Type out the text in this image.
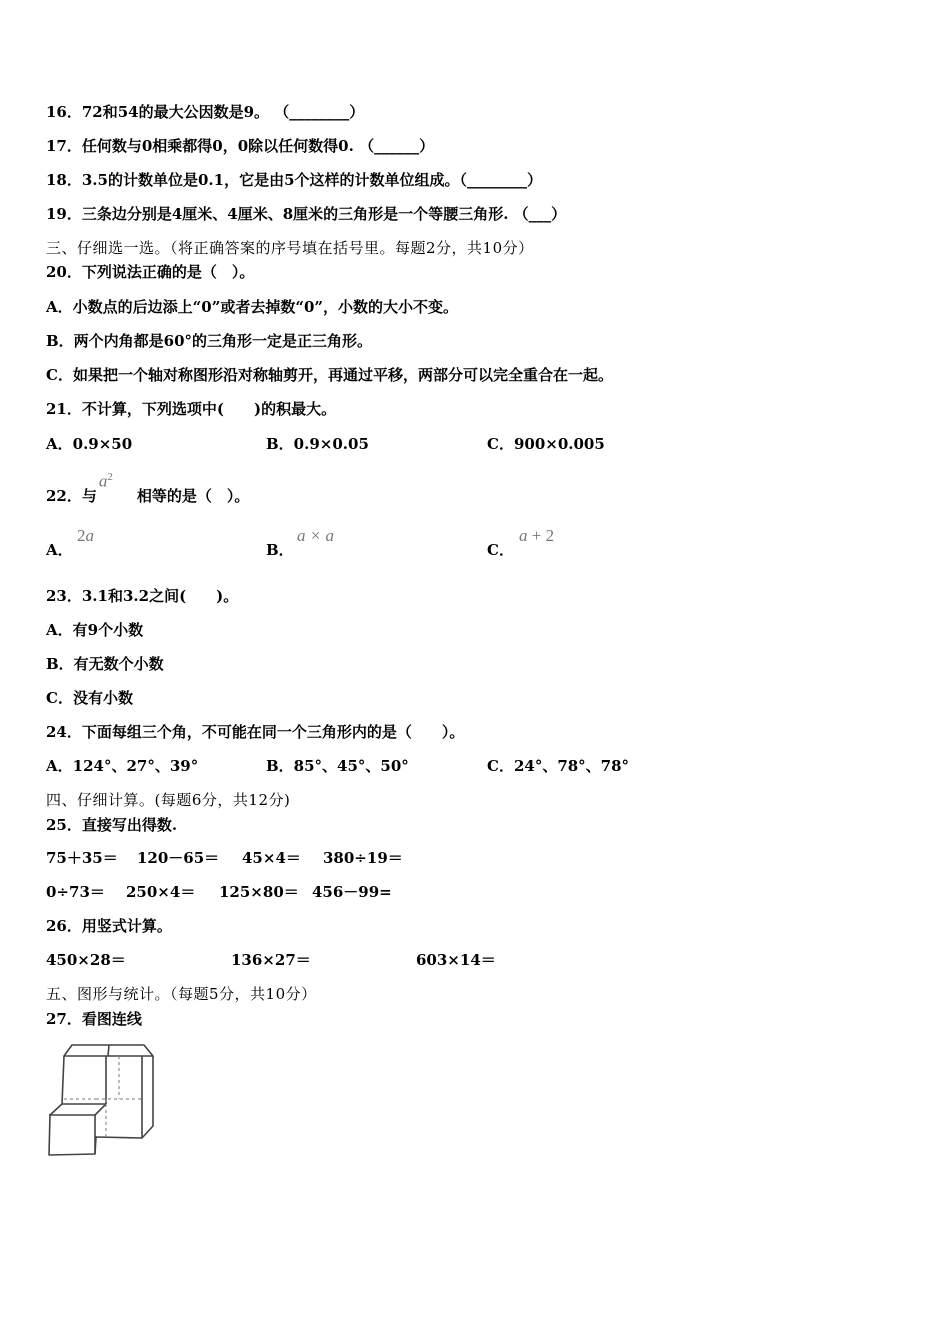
16．72和54的最大公因数是9。 （________）
17．任何数与0相乘都得0，0除以任何数得0. （______）
18．3.5的计数单位是0.1，它是由5个这样的计数单位组成。（________）
19．三条边分别是4厘米、4厘米、8厘米的三角形是一个等腰三角形. （___）
三、仔细选一选。（将正确答案的序号填在括号里。每题2分，共10分）
20．下列说法正确的是（　）。
A．小数点的后边添上“0”或者去掉数“0”，小数的大小不变。
B．两个内角都是60°的三角形一定是正三角形。
C．如果把一个轴对称图形沿对称轴剪开，再通过平移，两部分可以完全重合在一起。
21．不计算，下列选项中(　　)的积最大。
A．0.9×50	B．0.9×0.05	C．900×0.005
22．与
$a^2$
相等的是（　）。
A．
2a
B．
a × a
C．
a + 2
23．3.1和3.2之间(　　)。
A．有9个小数
B．有无数个小数
C．没有小数
24．下面每组三个角，不可能在同一个三角形内的是（　　）。
A．124°、27°、39°	B．85°、45°、50°	C．24°、78°、78°
四、仔细计算。(每题6分，共12分)
25．直接写出得数.
75＋35＝ 120－65＝ 45×4＝ 380÷19＝
0÷73＝ 250×4＝ 125×80＝ 456－99=
26．用竖式计算。
450×28＝	136×27＝	603×14＝
五、图形与统计。（每题5分，共10分）
27．看图连线
